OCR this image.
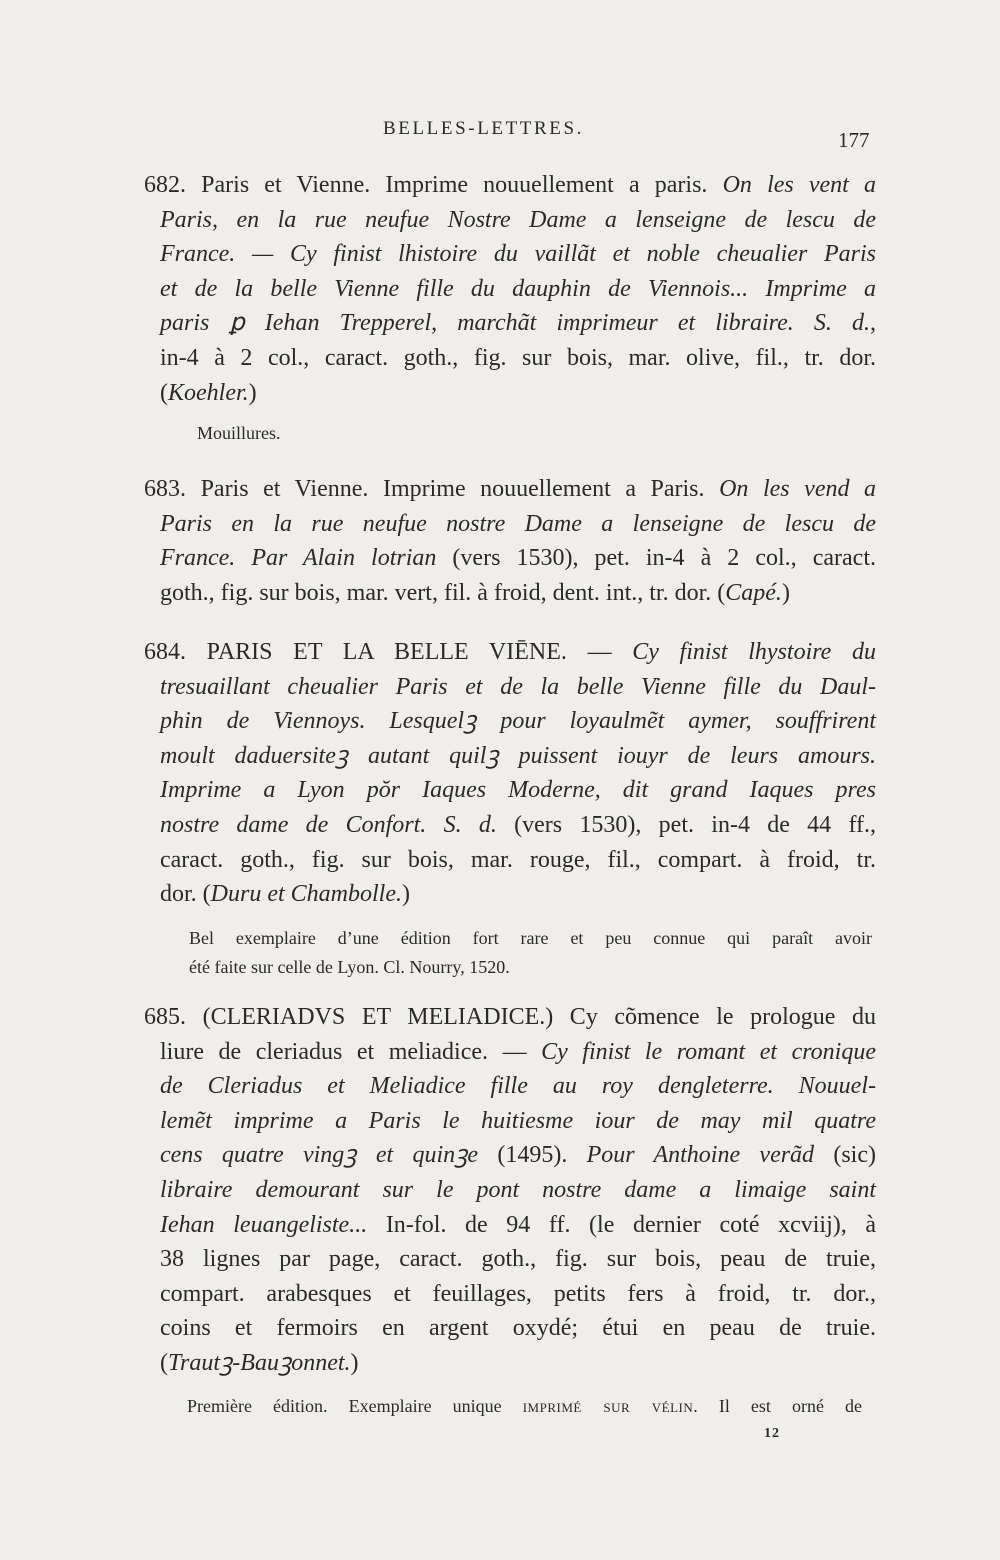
BELLES-LETTRES.	177
682. Paris et Vienne. Imprime nouuellement a paris. On les vent a
Paris, en la rue neufue Nostre Dame a lenseigne de lescu de
France. — Cy finist lhistoire du vaillãt et noble cheualier Paris
et de la belle Vienne fille du dauphin de Viennois... Imprime a
paris ꝑ Iehan Trepperel, marchãt imprimeur et libraire. S. d.,
in-4 à 2 col., caract. goth., fig. sur bois, mar. olive, fil., tr. dor.
(Koehler.)
Mouillures.
683. Paris et Vienne. Imprime nouuellement a Paris. On les vend a
Paris en la rue neufue nostre Dame a lenseigne de lescu de
France. Par Alain lotrian (vers 1530), pet. in-4 à 2 col., caract.
goth., fig. sur bois, mar. vert, fil. à froid, dent. int., tr. dor. (Capé.)
684. PARIS ET LA BELLE VIĒNE. — Cy finist lhystoire du
tresuaillant cheualier Paris et de la belle Vienne fille du Daul-
phin de Viennoys. Lesquelꝫ pour loyaulmẽt aymer, souffrirent
moult daduersiteꝫ autant quilꝫ puissent iouyr de leurs amours.
Imprime a Lyon pŏr Iaques Moderne, dit grand Iaques pres
nostre dame de Confort. S. d. (vers 1530), pet. in-4 de 44 ff.,
caract. goth., fig. sur bois, mar. rouge, fil., compart. à froid, tr.
dor. (Duru et Chambolle.)
Bel exemplaire d’une édition fort rare et peu connue qui paraît avoir
été faite sur celle de Lyon. Cl. Nourry, 1520.
685. (CLERIADVS ET MELIADICE.) Cy cõmence le prologue du
liure de cleriadus et meliadice. — Cy finist le romant et cronique
de Cleriadus et Meliadice fille au roy dengleterre. Nouuel-
lemẽt imprime a Paris le huitiesme iour de may mil quatre
cens quatre vingꝫ et quinꝫe (1495). Pour Anthoine verãd (sic)
libraire demourant sur le pont nostre dame a limaige saint
Iehan leuangeliste... In-fol. de 94 ff. (le dernier coté xcviij), à
38 lignes par page, caract. goth., fig. sur bois, peau de truie,
compart. arabesques et feuillages, petits fers à froid, tr. dor.,
coins et fermoirs en argent oxydé; étui en peau de truie.
(Trautꝫ-Bauꝫonnet.)
Première édition. Exemplaire unique imprimé sur vélin. Il est orné de
12
